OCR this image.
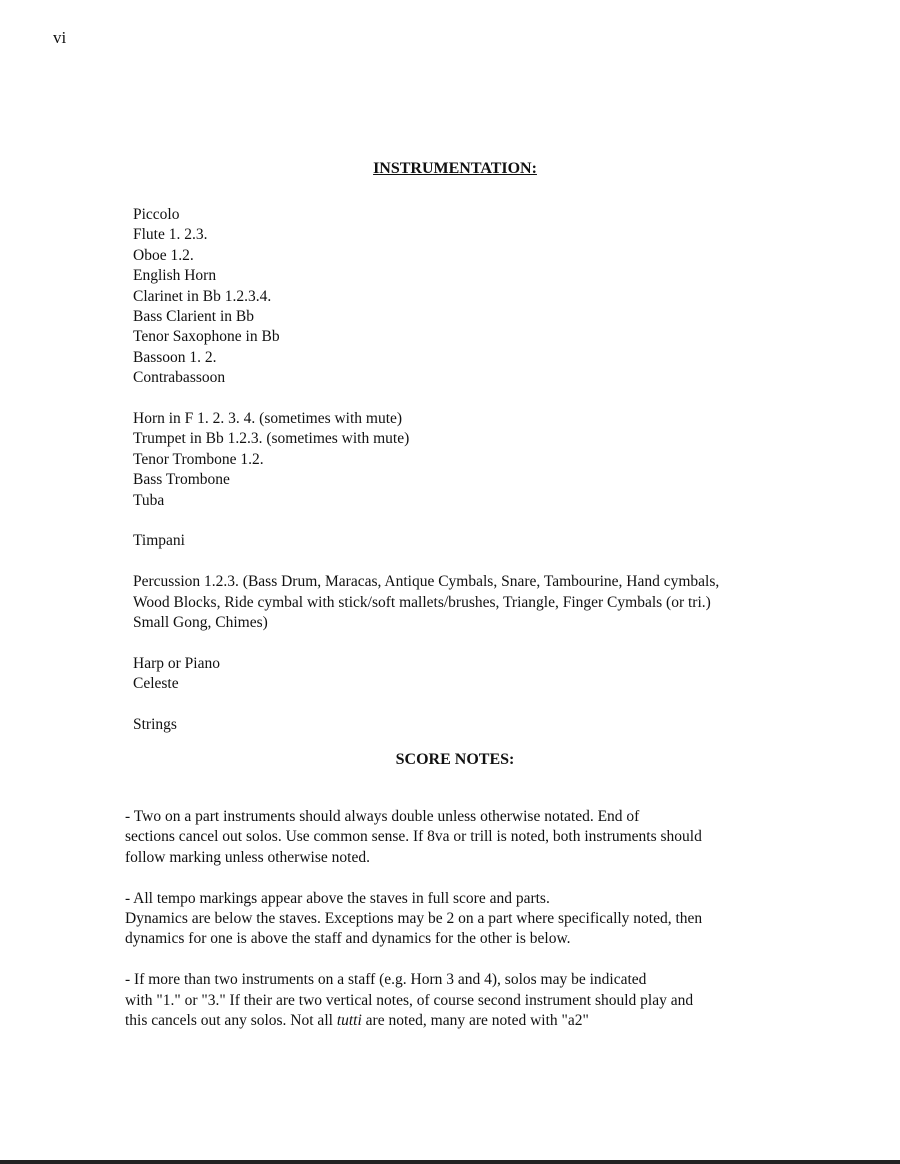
vi
INSTRUMENTATION:
Piccolo
Flute 1. 2.3.
Oboe 1.2.
English Horn
Clarinet in Bb 1.2.3.4.
Bass Clarient in Bb
Tenor Saxophone in Bb
Bassoon 1. 2.
Contrabassoon
Horn in F 1. 2. 3. 4. (sometimes with mute)
Trumpet in Bb 1.2.3. (sometimes with mute)
Tenor Trombone 1.2.
Bass Trombone
Tuba
Timpani
Percussion 1.2.3. (Bass Drum, Maracas, Antique Cymbals, Snare, Tambourine, Hand cymbals,
Wood Blocks, Ride cymbal with stick/soft mallets/brushes, Triangle, Finger Cymbals (or tri.)
Small Gong, Chimes)
Harp or Piano
Celeste
Strings
SCORE NOTES:
- Two on a part instruments should always double unless otherwise notated. End of
sections cancel out solos. Use common sense. If 8va or trill is noted, both instruments should
follow marking unless otherwise noted.
- All tempo markings appear above the staves in full score and parts.
Dynamics are below the staves. Exceptions may be 2 on a part where specifically noted, then
dynamics for one is above the staff and dynamics for the other is below.
- If more than two instruments on a staff (e.g. Horn 3 and 4), solos may be indicated
with "1." or "3." If their are two vertical notes, of course second instrument should play and
this cancels out any solos. Not all tutti are noted, many are noted with "a2"
